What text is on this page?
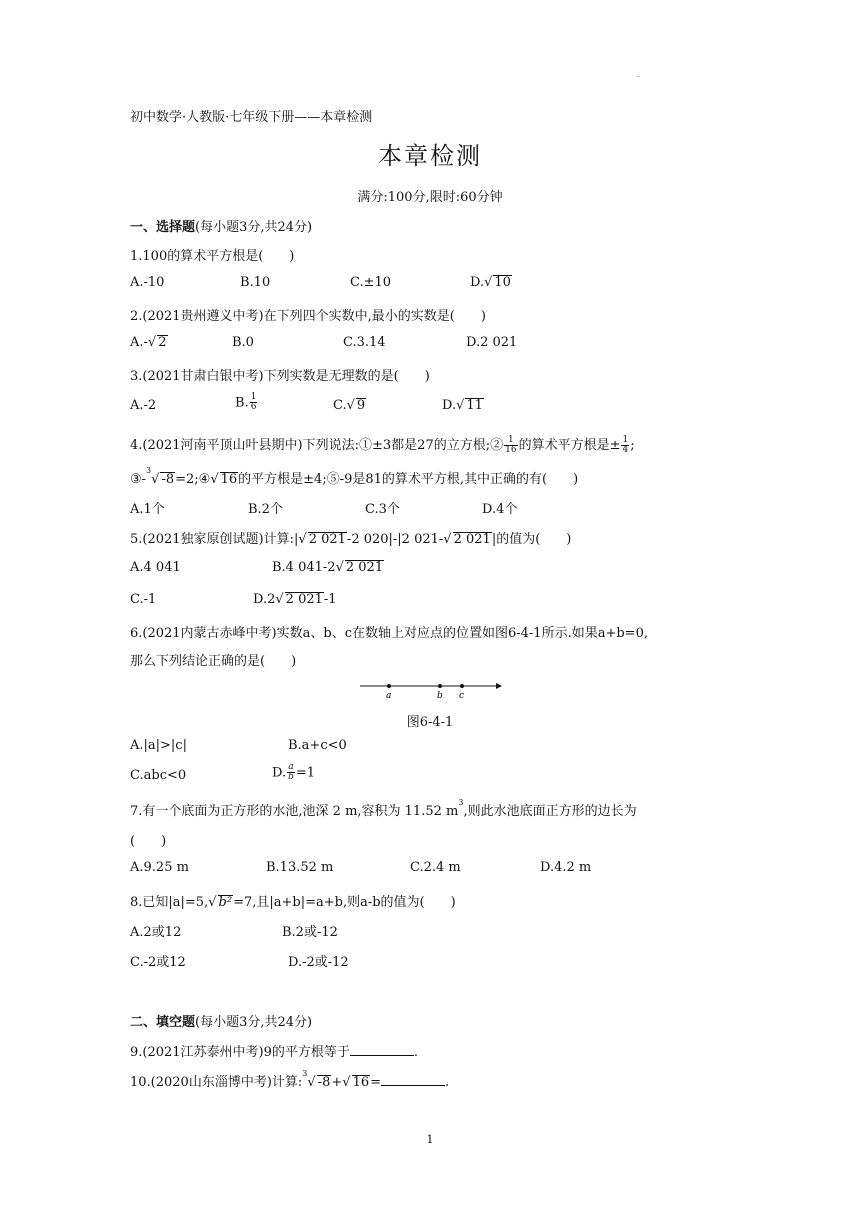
.
初中数学·人教版·七年级下册——本章检测
本章检测
满分:100分,限时:60分钟
一、选择题(每小题3分,共24分)
1.100的算术平方根是(　　)
A.-10	B.10	C.±10	D.√ 10
2.(2021贵州遵义中考)在下列四个实数中,最小的实数是(　　)
A.-√ 2	B.0	C.3.14	D.2 021
3.(2021甘肃白银中考)下列实数是无理数的是(　　)
A.-2	B. $\frac{1}{6}$	C.√ 9	D.√ 11
4.(2021河南平顶山叶县期中)下列说法:①±3都是27的立方根;② $\frac{1}{16}$ 的算术平方根是± $\frac{1}{4}$ ;
③-$^3$√ -8=2;④√ 16的平方根是±4;⑤-9是81的算术平方根,其中正确的有(　　)
A.1个	B.2个	C.3个	D.4个
5.(2021独家原创试题)计算:|√ 2 021-2 020|-|2 021-√ 2 021|的值为(　　)
A.4 041	B.4 041-2√ 2 021
C.-1	D.2√ 2 021-1
6.(2021内蒙古赤峰中考)实数a、b、c在数轴上对应点的位置如图6-4-1所示.如果a+b=0,
那么下列结论正确的是(　　)
a	b c
图6-4-1
A.|a|>|c|	B.a+c<0
C.abc<0	D. $\frac{a}{b} =1$
7.有一个底面为正方形的水池,池深 2 m,容积为 11.52 $m^3$,则此水池底面正方形的边长为
(　　)
A.9.25 m	B.13.52 m	C.2.4 m	D.4.2 m
8.已知|a|=5,√ b²=7,且|a+b|=a+b,则a-b的值为(　　)
A.2或12	B.2或-12
C.-2或12	D.-2或-12
二、填空题(每小题3分,共24分)
9.(2021江苏泰州中考)9的平方根等于	.
10.(2020山东淄博中考)计算:$^3$√ -8+√ 16=	.
1
